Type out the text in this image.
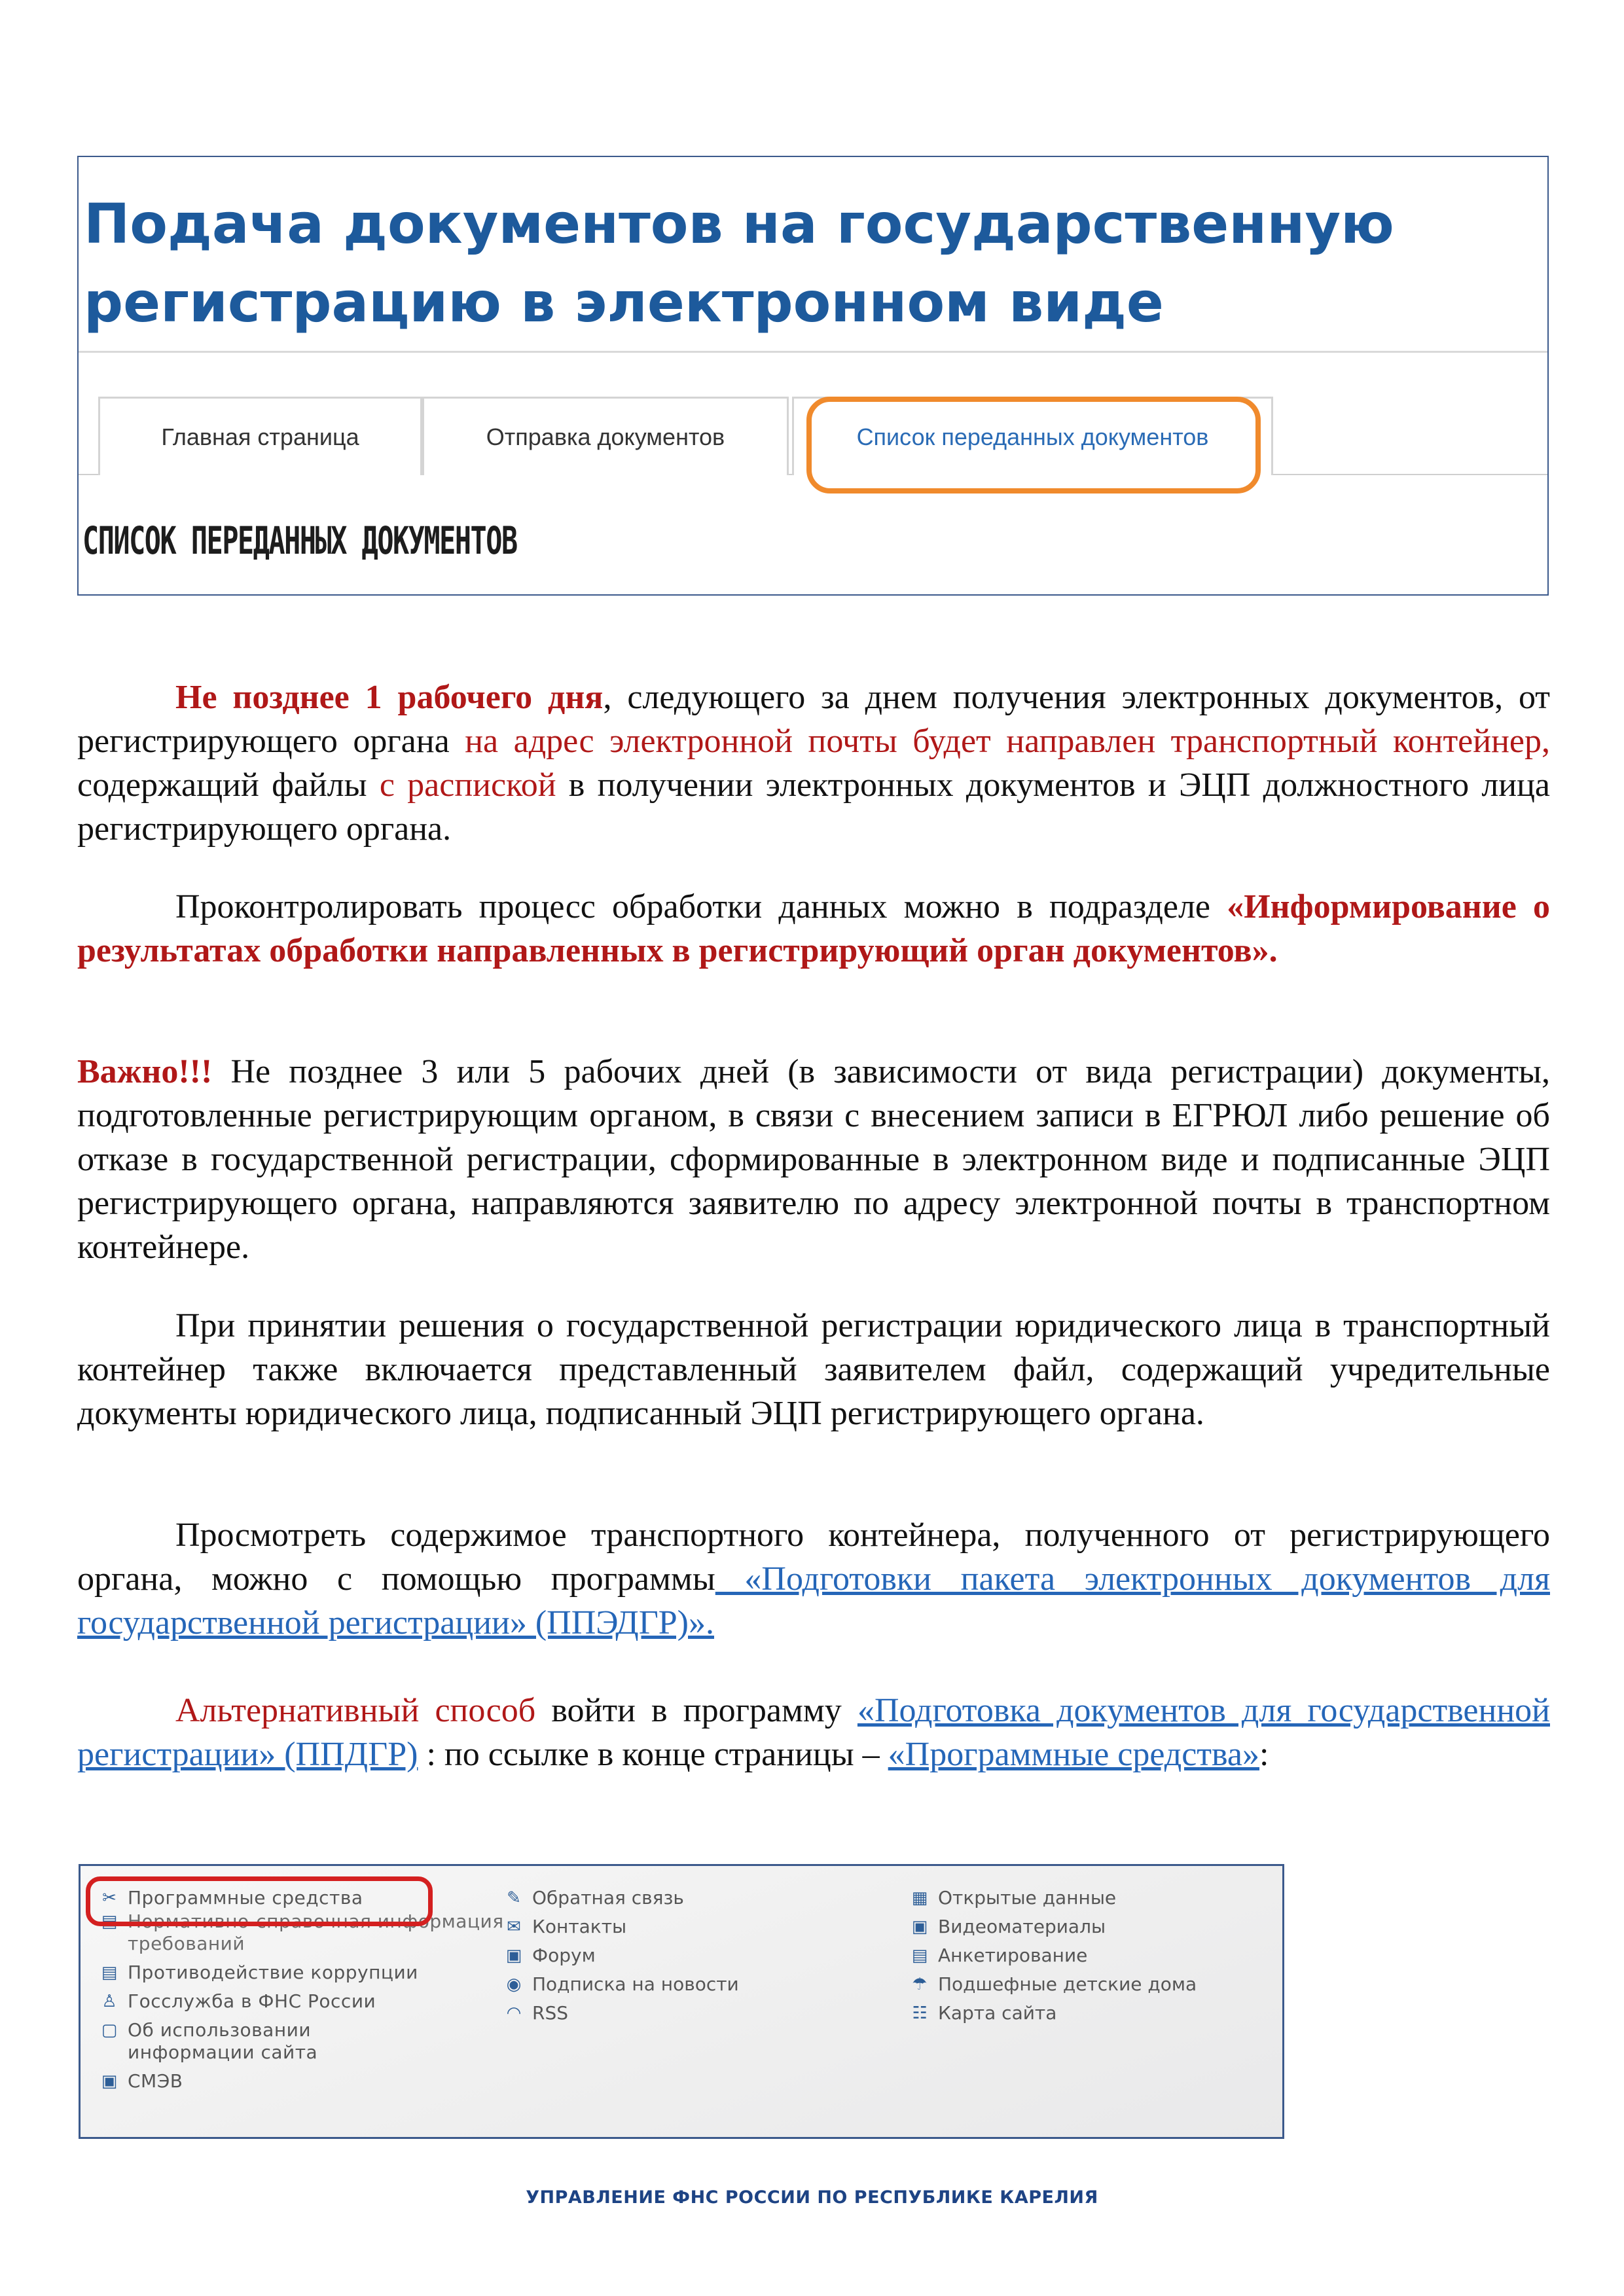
Подача документов на государственную регистрацию в электронном виде
Главная страница	Отправка документов	Список переданных документов
СПИСОК ПЕРЕДАННЫХ ДОКУМЕНТОВ

Не позднее 1 рабочего дня, следующего за днем получения электронных документов, от регистрирующего органа на адрес электронной почты будет направлен транспортный контейнер, содержащий файлы с распиской в получении электронных документов и ЭЦП должностного лица регистрирующего органа.

Проконтролировать процесс обработки данных можно в подразделе «Информирование о результатах обработки направленных в регистрирующий орган документов».

Важно!!! Не позднее 3 или 5 рабочих дней (в зависимости от вида регистрации) документы, подготовленные регистрирующим органом, в связи с внесением записи в ЕГРЮЛ либо решение об отказе в государственной регистрации, сформированные в электронном виде и подписанные ЭЦП регистрирующего органа, направляются заявителю по адресу электронной почты в транспортном контейнере.

При принятии решения о государственной регистрации юридического лица в транспортный контейнер также включается представленный заявителем файл, содержащий учредительные документы юридического лица, подписанный ЭЦП регистрирующего органа.

Просмотреть содержимое транспортного контейнера, полученного от регистрирующего органа, можно с помощью программы «Подготовки пакета электронных документов для государственной регистрации» (ППЭДГР)».

Альтернативный способ войти в программу «Подготовка документов для государственной регистрации» (ППДГР) : по ссылке в конце страницы – «Программные средства»:

✂ Программные средства
▤ Нормативно-справочная информация
требований
▤ Противодействие коррупции
♙ Госслужба в ФНС России
▢ Об использовании
информации сайта
▣ СМЭВ
✎ Обратная связь
✉ Контакты
▣ Форум
◉ Подписка на новости
◠ RSS
▦ Открытые данные
▣ Видеоматериалы
▤ Анкетирование
☂ Подшефные детские дома
☷ Карта сайта

УПРАВЛЕНИЕ ФНС РОССИИ ПО РЕСПУБЛИКЕ КАРЕЛИЯ
